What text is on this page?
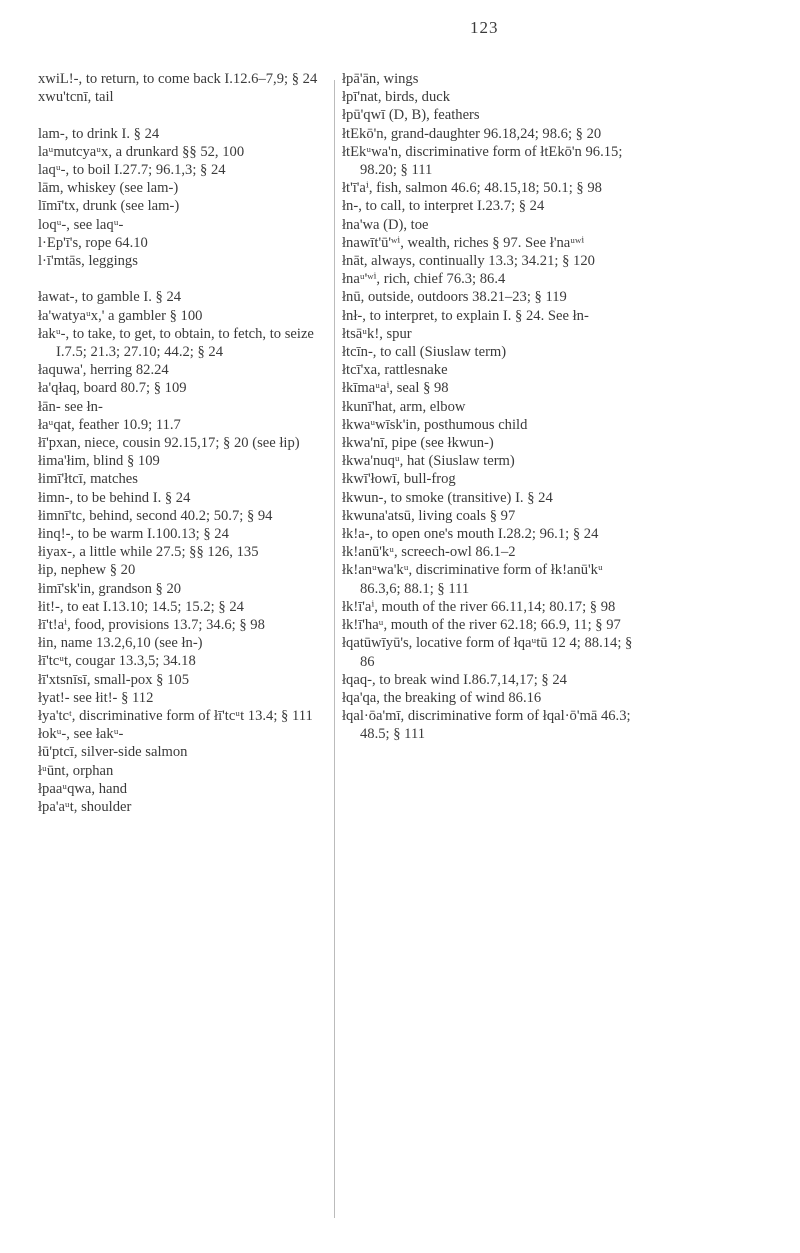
123
xwiL!-, to return, to come back I.12.6–7,9; § 24
xwu'tcnī, tail
lam-, to drink I. § 24
laᵘmutcyaᵘx, a drunkard §§ 52, 100
laqᵘ-, to boil I.27.7; 96.1,3; § 24
lām, whiskey (see lam-)
līmī'tx, drunk (see lam-)
loqᵘ-, see laqᵘ-
l·Ep'ī's, rope 64.10
l·ī'mtās, leggings
ławat-, to gamble I. § 24
ła'watyaᵘx,' a gambler § 100
łakᵘ-, to take, to get, to obtain, to fetch, to seize I.7.5; 21.3; 27.10; 44.2; § 24
łaquwa', herring 82.24
ła'qłaq, board 80.7; § 109
łān- see łn-
łaᵘqat, feather 10.9; 11.7
łī'pxan, niece, cousin 92.15,17; § 20 (see łip)
łima'łim, blind § 109
łimī'łtcī, matches
łimn-, to be behind I. § 24
łimnī'tc, behind, second 40.2; 50.7; § 94
łinq!-, to be warm I.100.13; § 24
łiyax-, a little while 27.5; §§ 126, 135
łip, nephew § 20
łimī'sk'in, grandson § 20
łit!-, to eat I.13.10; 14.5; 15.2; § 24
łī't!aⁱ, food, provisions 13.7; 34.6; § 98
łin, name 13.2,6,10 (see łn-)
łī'tcᵘt, cougar 13.3,5; 34.18
łī'xtsnīsī, small-pox § 105
łyat!- see łit!- § 112
łya'tcᵗ, discriminative form of łī'tcᵘt 13.4; § 111
łokᵘ-, see łakᵘ-
łū'ptcī, silver-side salmon
łᵘūnt, orphan
łpaaᵘqwa, hand
łpa'aᵘt, shoulder
łpā'ān, wings
łpī'nat, birds, duck
łpū'qwī (D, B), feathers
łtEkō'n, grand-daughter 96.18,24; 98.6; § 20
łtEkᵘwa'n, discriminative form of łtEkō'n 96.15; 98.20; § 111
łt'ī'aⁱ, fish, salmon 46.6; 48.15,18; 50.1; § 98
łn-, to call, to interpret I.23.7; § 24
łna'wa (D), toe
łnawīt'ū'ʷⁱ, wealth, riches § 97. See ł'naᵘʷⁱ
łnāt, always, continually 13.3; 34.21; § 120
łnaᵘ'ʷⁱ, rich, chief 76.3; 86.4
łnū, outside, outdoors 38.21–23; § 119
łnł-, to interpret, to explain I. § 24. See łn-
łtsāᵘk!, spur
łtcīn-, to call (Siuslaw term)
łtcī'xa, rattlesnake
łkīmaᵘaⁱ, seal § 98
łkunī'hat, arm, elbow
łkwaᵘwīsk'in, posthumous child
łkwa'nī, pipe (see łkwun-)
łkwa'nuqᵘ, hat (Siuslaw term)
łkwī'łowī, bull-frog
łkwun-, to smoke (transitive) I. § 24
łkwuna'atsū, living coals § 97
łk!a-, to open one's mouth I.28.2; 96.1; § 24
łk!anū'kᵘ, screech-owl 86.1–2
łk!anᵘwa'kᵘ, discriminative form of łk!anū'kᵘ 86.3,6; 88.1; § 111
łk!ī'aⁱ, mouth of the river 66.11,14; 80.17; § 98
łk!ī'haᵘ, mouth of the river 62.18; 66.9, 11; § 97
łqatūwīyū's, locative form of łqaᵘtū 12 4; 88.14; § 86
łqaq-, to break wind I.86.7,14,17; § 24
łqa'qa, the breaking of wind 86.16
łqal·ōa'mī, discriminative form of łqal·ō'mā 46.3; 48.5; § 111
